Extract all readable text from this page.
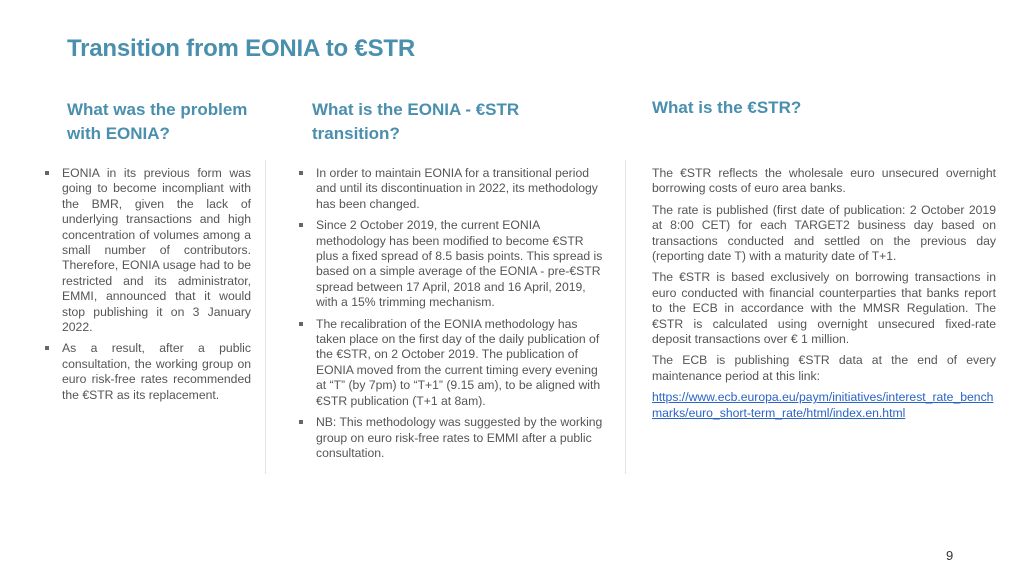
Transition from EONIA to €STR
What was the problem with EONIA?
What is the EONIA - €STR transition?
What is the €STR?
EONIA in its previous form was going to become incompliant with the BMR, given the lack of underlying transactions and high concentration of volumes among a small number of contributors. Therefore, EONIA usage had to be restricted and its administrator, EMMI, announced that it would stop publishing it on 3 January 2022.
As a result, after a public consultation, the working group on euro risk-free rates recommended the €STR as its replacement.
In order to maintain EONIA for a transitional period and until its discontinuation in 2022, its methodology has been changed.
Since 2 October 2019, the current EONIA methodology has been modified to become €STR plus a fixed spread of 8.5 basis points. This spread is based on a simple average of the EONIA - pre-€STR spread between 17 April, 2018 and 16 April, 2019, with a 15% trimming mechanism.
The recalibration of the EONIA methodology has taken place on the first day of the daily publication of the €STR, on 2 October 2019. The publication of EONIA moved from the current timing every evening at “T” (by 7pm) to “T+1” (9.15 am), to be aligned with €STR publication (T+1 at 8am).
NB: This methodology was suggested by the working group on euro risk-free rates to EMMI after a public consultation.

The €STR reflects the wholesale euro unsecured overnight borrowing costs of euro area banks.

The rate is published (first date of publication: 2 October 2019 at 8:00 CET) for each TARGET2 business day based on transactions conducted and settled on the previous day (reporting date T) with a maturity date of T+1.

The €STR is based exclusively on borrowing transactions in euro conducted with financial counterparties that banks report to the ECB in accordance with the MMSR Regulation. The €STR is calculated using overnight unsecured fixed-rate deposit transactions over € 1 million.

The ECB is publishing €STR data at the end of every maintenance period at this link:

https://www.ecb.europa.eu/paym/initiatives/interest_rate_benchmarks/euro_short-term_rate/html/index.en.html

9
